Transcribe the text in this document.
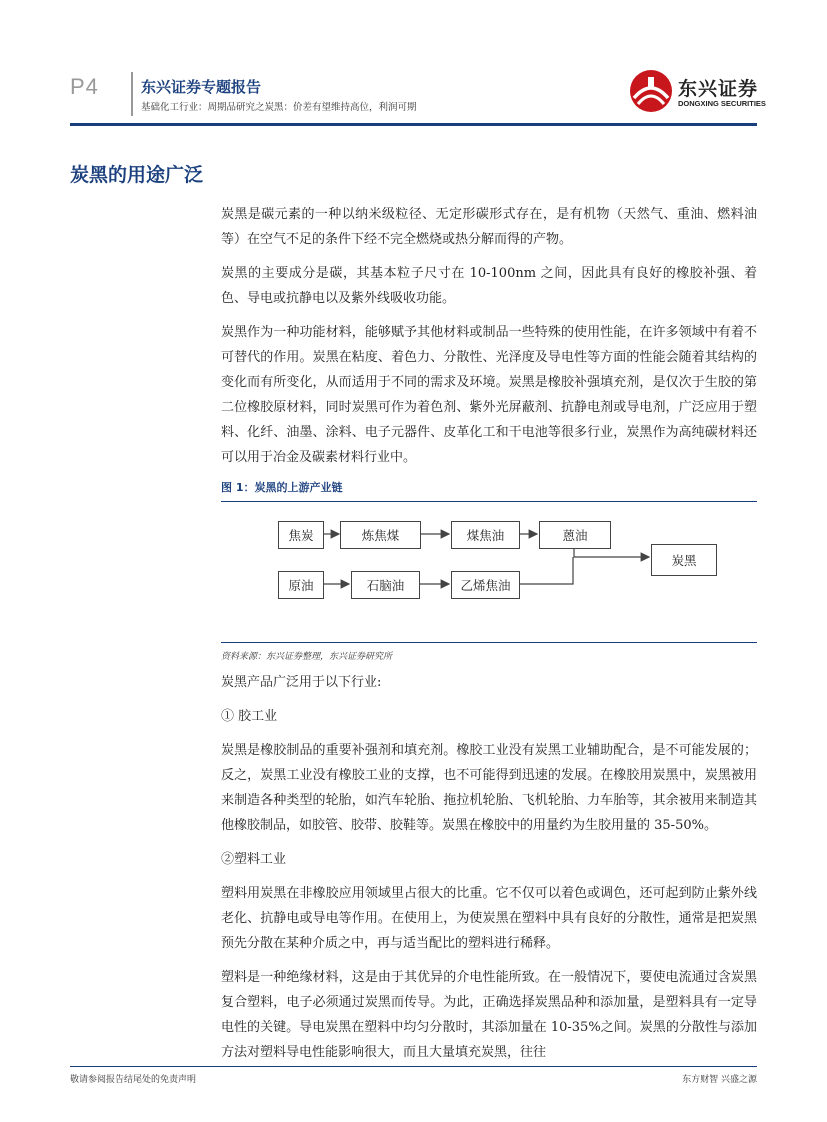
P4	东兴证券专题报告
基础化工行业：周期品研究之炭黑：价差有望维持高位，利润可期
东兴证券
DONGXING SECURITIES
炭黑的用途广泛

炭黑是碳元素的一种以纳米级粒径、无定形碳形式存在，是有机物（天然气、重油、燃料油等）在空气不足的条件下经不完全燃烧或热分解而得的产物。

炭黑的主要成分是碳，其基本粒子尺寸在 10-100nm 之间，因此具有良好的橡胶补强、着色、导电或抗静电以及紫外线吸收功能。

炭黑作为一种功能材料，能够赋予其他材料或制品一些特殊的使用性能，在许多领域中有着不可替代的作用。炭黑在粘度、着色力、分散性、光泽度及导电性等方面的性能会随着其结构的变化而有所变化，从而适用于不同的需求及环境。炭黑是橡胶补强填充剂，是仅次于生胶的第二位橡胶原材料，同时炭黑可作为着色剂、紫外光屏蔽剂、抗静电剂或导电剂，广泛应用于塑料、化纤、油墨、涂料、电子元器件、皮革化工和干电池等很多行业，炭黑作为高纯碳材料还可以用于冶金及碳素材料行业中。

图 1：炭黑的上游产业链
焦炭	炼焦煤	煤焦油	蒽油
炭黑
原油	石脑油	乙烯焦油
资料来源：东兴证券整理，东兴证券研究所

炭黑产品广泛用于以下行业:

① 胶工业

炭黑是橡胶制品的重要补强剂和填充剂。橡胶工业没有炭黑工业辅助配合，是不可能发展的；反之，炭黑工业没有橡胶工业的支撑，也不可能得到迅速的发展。在橡胶用炭黑中，炭黑被用来制造各种类型的轮胎，如汽车轮胎、拖拉机轮胎、飞机轮胎、力车胎等，其余被用来制造其他橡胶制品，如胶管、胶带、胶鞋等。炭黑在橡胶中的用量约为生胶用量的 35-50%。

②塑料工业

塑料用炭黑在非橡胶应用领域里占很大的比重。它不仅可以着色或调色，还可起到防止紫外线老化、抗静电或导电等作用。在使用上，为使炭黑在塑料中具有良好的分散性，通常是把炭黑预先分散在某种介质之中，再与适当配比的塑料进行稀释。

塑料是一种绝缘材料，这是由于其优异的介电性能所致。在一般情况下，要使电流通过含炭黑复合塑料，电子必须通过炭黑而传导。为此，正确选择炭黑品种和添加量，是塑料具有一定导电性的关键。导电炭黑在塑料中均匀分散时，其添加量在 10-35%之间。炭黑的分散性与添加方法对塑料导电性能影响很大，而且大量填充炭黑，往往

敬请参阅报告结尾处的免责声明	东方财智 兴盛之源
